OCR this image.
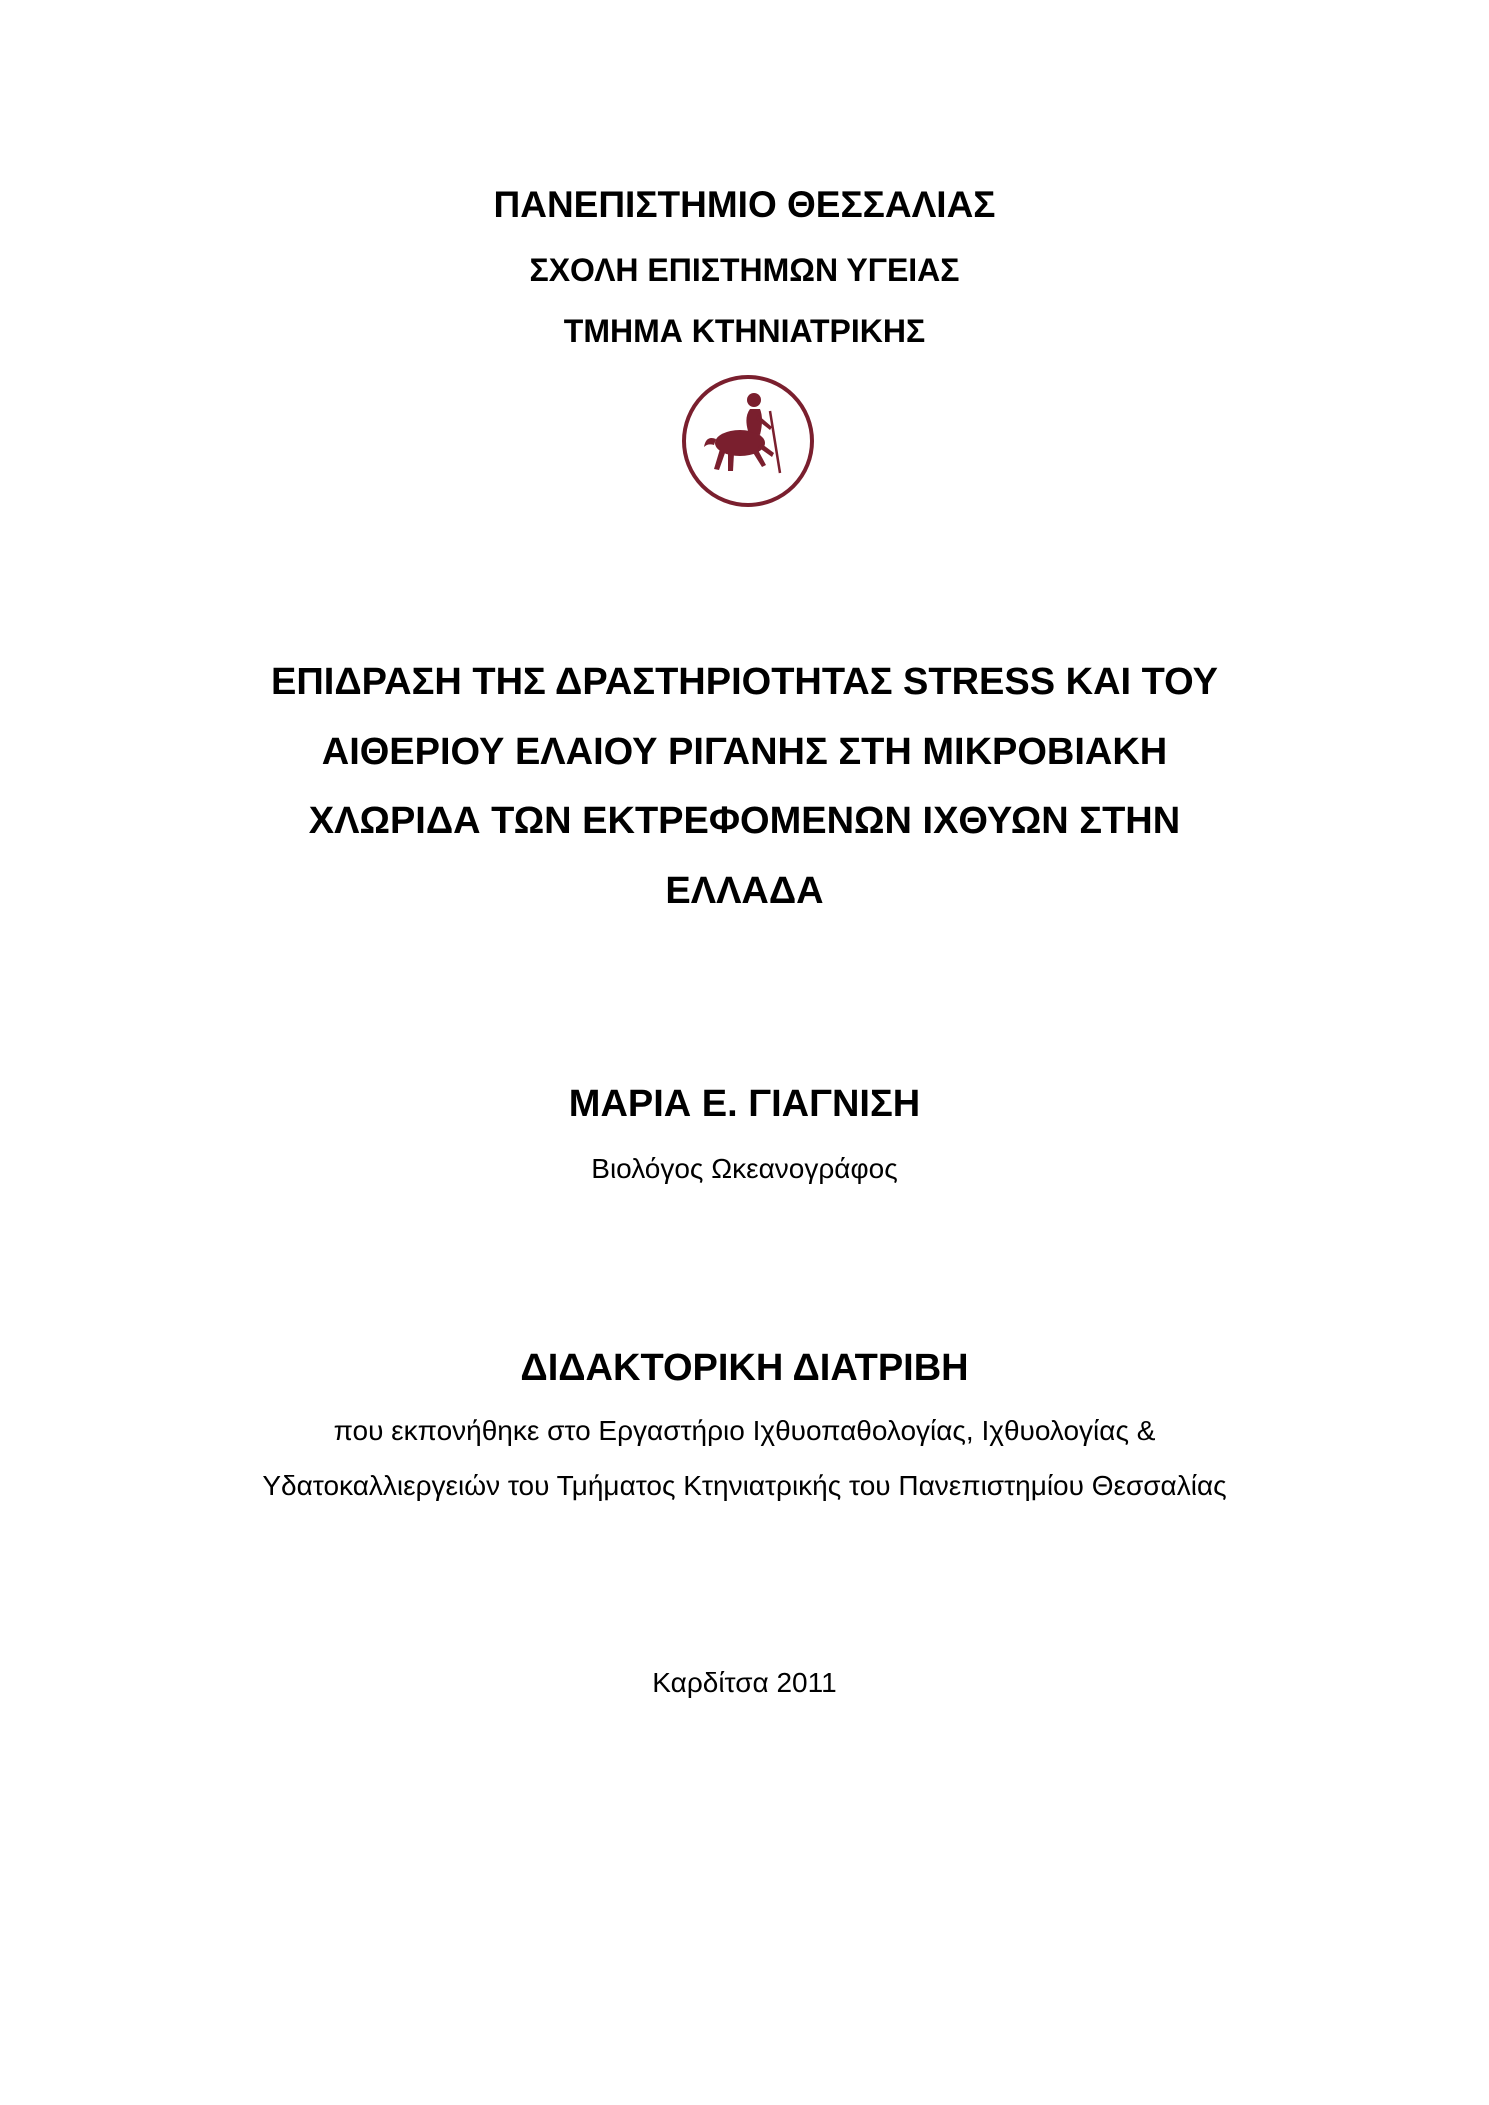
ΠΑΝΕΠΙΣΤΗΜΙΟ ΘΕΣΣΑΛΙΑΣ
ΣΧΟΛΗ ΕΠΙΣΤΗΜΩΝ ΥΓΕΙΑΣ
ΤΜΗΜΑ ΚΤΗΝΙΑΤΡΙΚΗΣ
ΕΠΙΔΡΑΣΗ ΤΗΣ ΔΡΑΣΤΗΡΙΟΤΗΤΑΣ STRESS ΚΑΙ ΤΟΥ
ΑΙΘΕΡΙΟΥ ΕΛΑΙΟΥ ΡΙΓΑΝΗΣ ΣΤΗ ΜΙΚΡΟΒΙΑΚΗ
ΧΛΩΡΙΔΑ ΤΩΝ ΕΚΤΡΕΦΟΜΕΝΩΝ ΙΧΘΥΩΝ ΣΤΗΝ
ΕΛΛΑΔΑ
ΜΑΡΙΑ Ε. ΓΙΑΓΝΙΣΗ
Βιολόγος Ωκεανογράφος
ΔΙΔΑΚΤΟΡΙΚΗ ΔΙΑΤΡΙΒΗ
που εκπονήθηκε στο Εργαστήριο Ιχθυοπαθολογίας, Ιχθυολογίας &
Υδατοκαλλιεργειών του Τμήματος Κτηνιατρικής του Πανεπιστημίου Θεσσαλίας
Καρδίτσα 2011
